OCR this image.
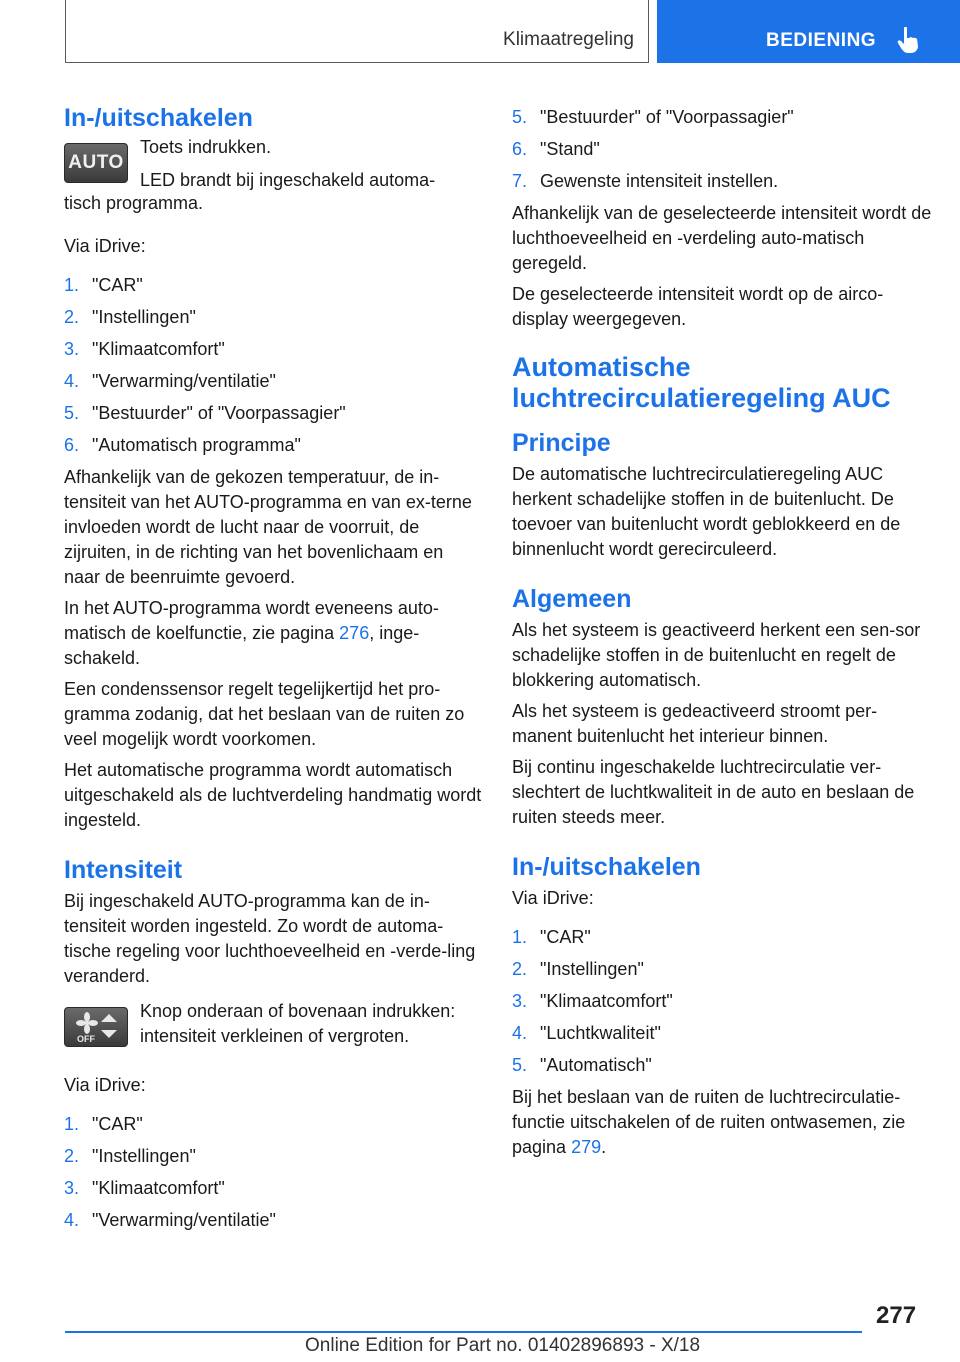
Klimaatregeling	BEDIENING
In-/uitschakelen
AUTO

Toets indrukken.

LED brandt bij ingeschakeld automa-

tisch programma.

Via iDrive:

1. "CAR"
2. "Instellingen"
3. "Klimaatcomfort"
4. "Verwarming/ventilatie"
5. "Bestuurder" of "Voorpassagier"
6. "Automatisch programma"

Afhankelijk van de gekozen temperatuur, de in-tensiteit van het AUTO-programma en van ex-terne invloeden wordt de lucht naar de voorruit, de zijruiten, in de richting van het bovenlichaam en naar de beenruimte gevoerd.

In het AUTO-programma wordt eveneens auto-matisch de koelfunctie, zie pagina 276, inge-schakeld.

Een condenssensor regelt tegelijkertijd het pro-gramma zodanig, dat het beslaan van de ruiten zo veel mogelijk wordt voorkomen.

Het automatische programma wordt automatisch uitgeschakeld als de luchtverdeling handmatig wordt ingesteld.

Intensiteit

Bij ingeschakeld AUTO-programma kan de in-tensiteit worden ingesteld. Zo wordt de automa-tische regeling voor luchthoeveelheid en -verde-ling veranderd.

OFF

Knop onderaan of bovenaan indrukken: intensiteit verkleinen of vergroten.

Via iDrive:

1. "CAR"
2. "Instellingen"
3. "Klimaatcomfort"
4. "Verwarming/ventilatie"
5. "Bestuurder" of "Voorpassagier"
6. "Stand"
7. Gewenste intensiteit instellen.

Afhankelijk van de geselecteerde intensiteit wordt de luchthoeveelheid en -verdeling auto-matisch geregeld.

De geselecteerde intensiteit wordt op de airco-display weergegeven.

Automatische
luchtrecirculatieregeling AUC
Principe

De automatische luchtrecirculatieregeling AUC herkent schadelijke stoffen in de buitenlucht. De toevoer van buitenlucht wordt geblokkeerd en de binnenlucht wordt gerecirculeerd.

Algemeen

Als het systeem is geactiveerd herkent een sen-sor schadelijke stoffen in de buitenlucht en regelt de blokkering automatisch.

Als het systeem is gedeactiveerd stroomt per-manent buitenlucht het interieur binnen.

Bij continu ingeschakelde luchtrecirculatie ver-slechtert de luchtkwaliteit in de auto en beslaan de ruiten steeds meer.

In-/uitschakelen

Via iDrive:

1. "CAR"
2. "Instellingen"
3. "Klimaatcomfort"
4. "Luchtkwaliteit"
5. "Automatisch"

Bij het beslaan van de ruiten de luchtrecirculatie-functie uitschakelen of de ruiten ontwasemen, zie pagina 279.

277
Online Edition for Part no. 01402896893 - X/18
